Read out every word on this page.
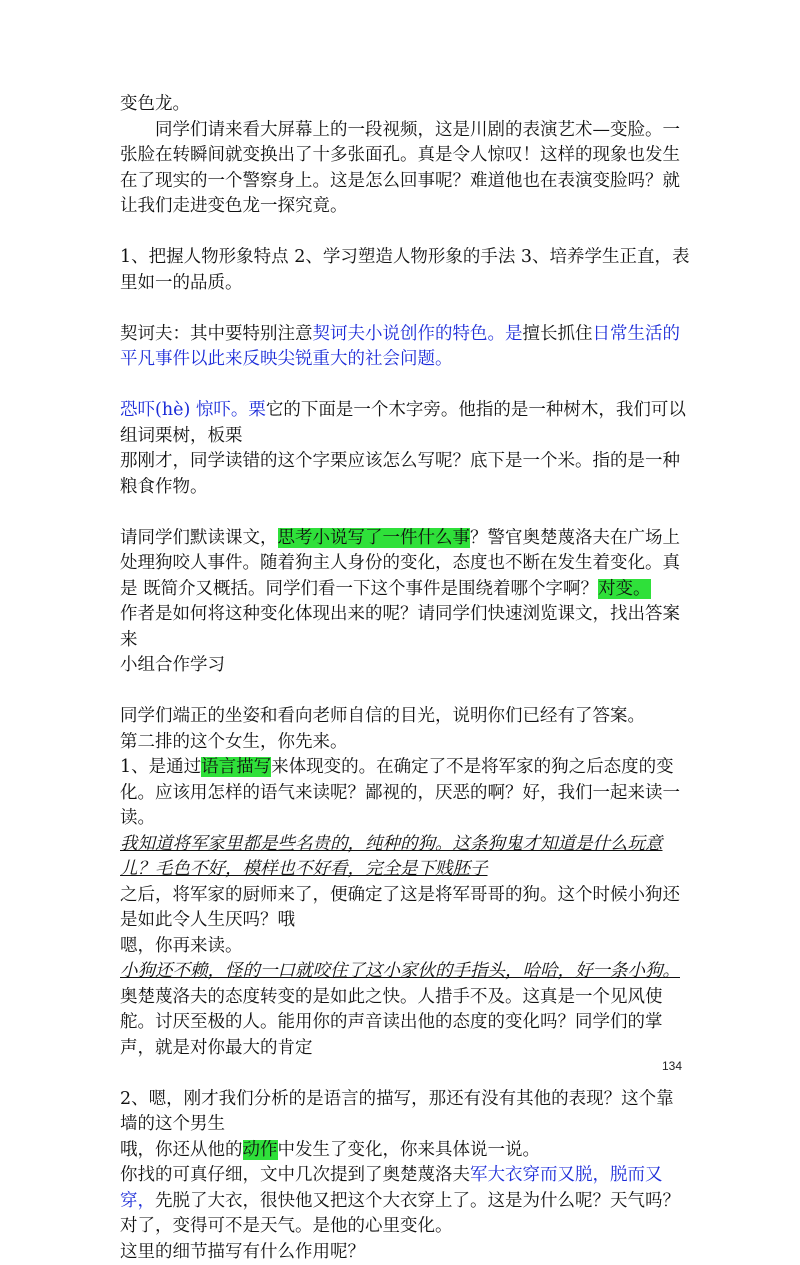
变色龙。

同学们请来看大屏幕上的一段视频，这是川剧的表演艺术—变脸。一张脸在转瞬间就变换出了十多张面孔。真是令人惊叹！这样的现象也发生在了现实的一个警察身上。这是怎么回事呢？难道他也在表演变脸吗？就让我们走进变色龙一探究竟。

1、把握人物形象特点 2、学习塑造人物形象的手法 3、培养学生正直，表里如一的品质。

契诃夫：其中要特别注意契诃夫小说创作的特色。是擅长抓住日常生活的平凡事件以此来反映尖锐重大的社会问题。

恐吓(hè) 惊吓。栗它的下面是一个木字旁。他指的是一种树木，我们可以组词栗树，板栗

那刚才，同学读错的这个字栗应该怎么写呢？底下是一个米。指的是一种粮食作物。

请同学们默读课文，思考小说写了一件什么事？警官奥楚蔑洛夫在广场上处理狗咬人事件。随着狗主人身份的变化，态度也不断在发生着变化。真是 既简介又概括。同学们看一下这个事件是围绕着哪个字啊？对变。

作者是如何将这种变化体现出来的呢？请同学们快速浏览课文，找出答案来

小组合作学习

同学们端正的坐姿和看向老师自信的目光，说明你们已经有了答案。

第二排的这个女生，你先来。

1、是通过语言描写来体现变的。在确定了不是将军家的狗之后态度的变化。应该用怎样的语气来读呢？鄙视的，厌恶的啊？好，我们一起来读一读。

我知道将军家里都是些名贵的，纯种的狗。这条狗鬼才知道是什么玩意儿？毛色不好，模样也不好看，完全是下贱胚子

之后，将军家的厨师来了，便确定了这是将军哥哥的狗。这个时候小狗还是如此令人生厌吗？哦

嗯，你再来读。

小狗还不赖，怪的一口就咬住了这小家伙的手指头，哈哈，好一条小狗。

奥楚蔑洛夫的态度转变的是如此之快。人措手不及。这真是一个见风使舵。讨厌至极的人。能用你的声音读出他的态度的变化吗？同学们的掌声，就是对你最大的肯定

2、嗯，刚才我们分析的是语言的描写，那还有没有其他的表现？这个靠墙的这个男生

哦，你还从他的动作中发生了变化，你来具体说一说。

你找的可真仔细，文中几次提到了奥楚蔑洛夫军大衣穿而又脱，脱而又穿，先脱了大衣，很快他又把这个大衣穿上了。这是为什么呢？天气吗？对了，变得可不是天气。是他的心里变化。

这里的细节描写有什么作用呢？

134
